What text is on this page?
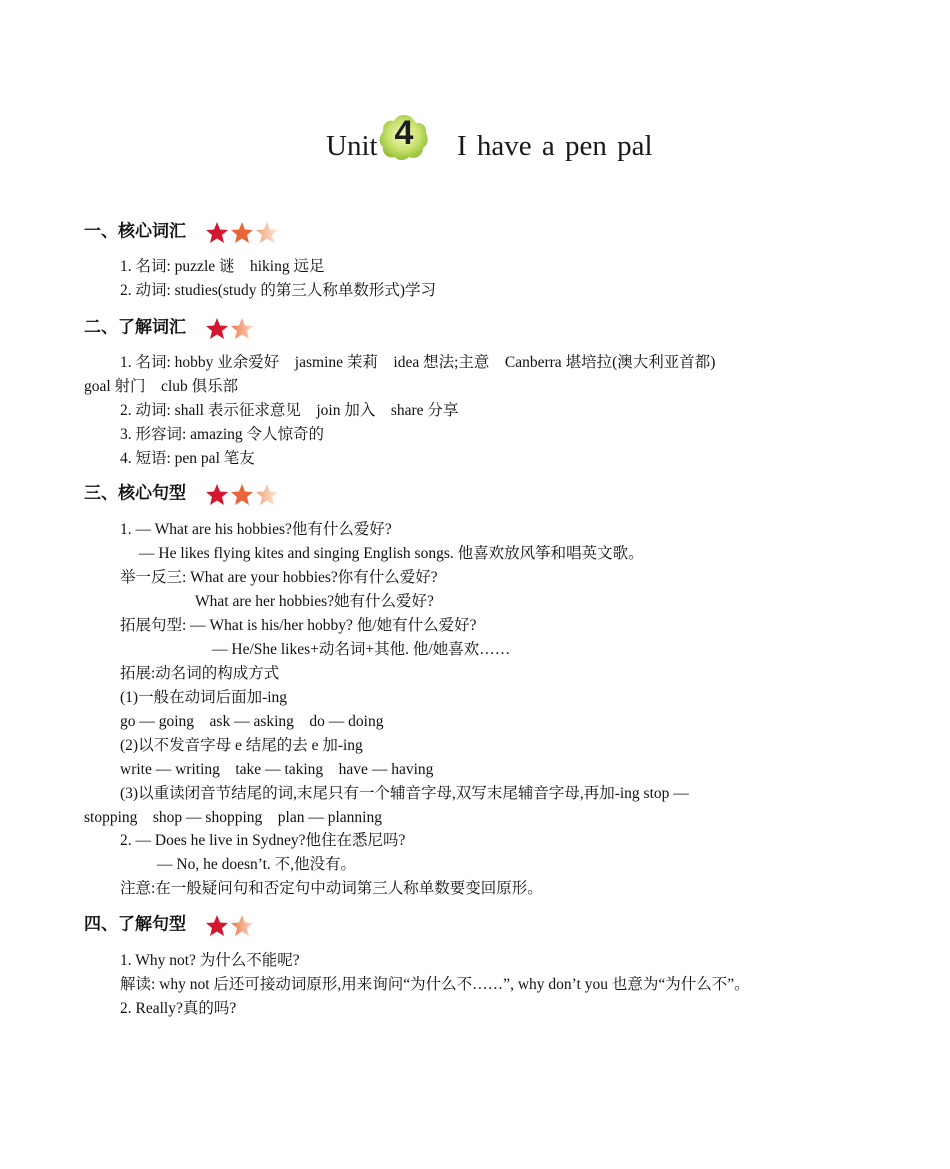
Unit 4	I have a pen pal
一、核心词汇
1. 名词: puzzle 谜　hiking 远足
2. 动词: studies(study 的第三人称单数形式)学习
二、了解词汇
1. 名词: hobby 业余爱好　jasmine 茉莉　idea 想法;主意　Canberra 堪培拉(澳大利亚首都)
goal 射门　club 俱乐部
2. 动词: shall 表示征求意见　join 加入　share 分享
3. 形容词: amazing 令人惊奇的
4. 短语: pen pal 笔友
三、核心句型
1. — What are his hobbies?他有什么爱好?
— He likes flying kites and singing English songs. 他喜欢放风筝和唱英文歌。
举一反三: What are your hobbies?你有什么爱好?
What are her hobbies?她有什么爱好?
拓展句型: — What is his/her hobby? 他/她有什么爱好?
— He/She likes+动名词+其他. 他/她喜欢……
拓展:动名词的构成方式
(1)一般在动词后面加-ing
go — going　ask — asking　do — doing
(2)以不发音字母 e 结尾的去 e 加-ing
write — writing　take — taking　have — having
(3)以重读闭音节结尾的词,末尾只有一个辅音字母,双写末尾辅音字母,再加-ing stop —
stopping　shop — shopping　plan — planning
2. — Does he live in Sydney?他住在悉尼吗?
— No, he doesn’t. 不,他没有。
注意:在一般疑问句和否定句中动词第三人称单数要变回原形。
四、了解句型
1. Why not? 为什么不能呢?
解读: why not 后还可接动词原形,用来询问“为什么不……”, why don’t you 也意为“为什么不”。
2. Really?真的吗?
